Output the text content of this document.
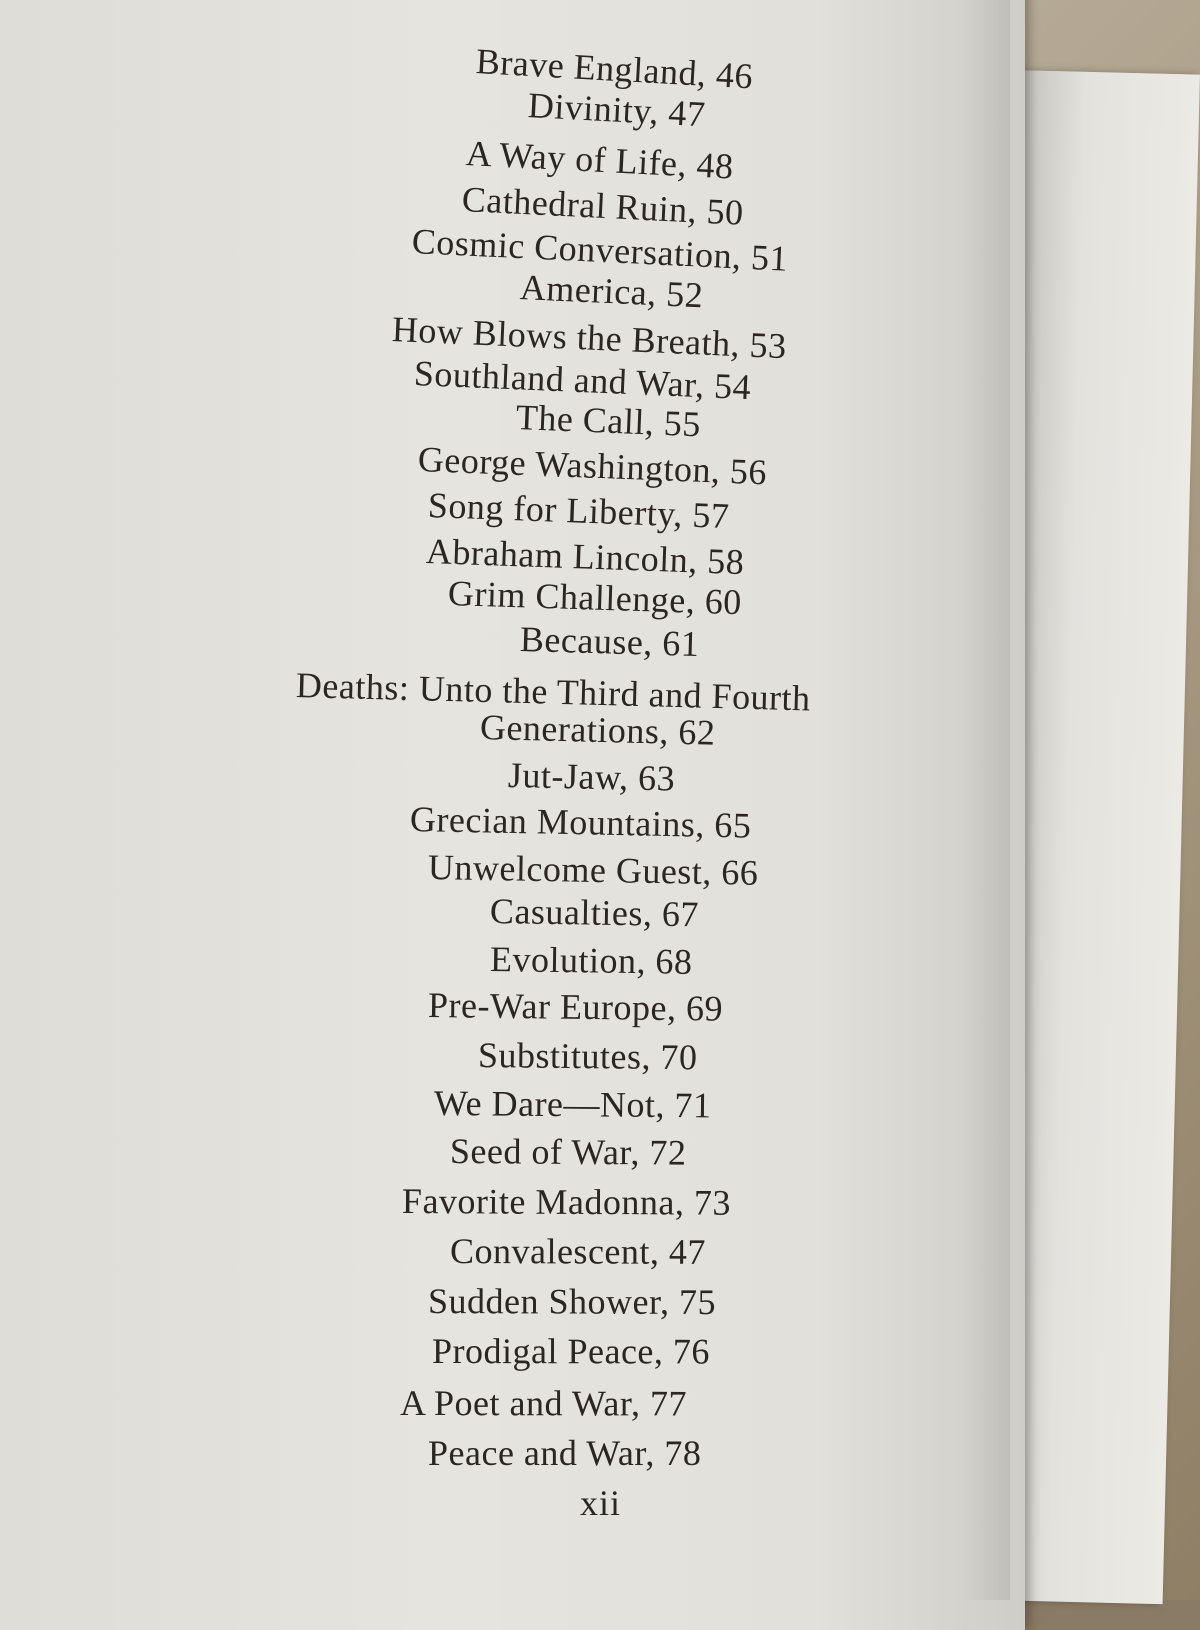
Brave England, 46
Divinity, 47
A Way of Life, 48
Cathedral Ruin, 50
Cosmic Conversation, 51
America, 52
How Blows the Breath, 53
Southland and War, 54
The Call, 55
George Washington, 56
Song for Liberty, 57
Abraham Lincoln, 58
Grim Challenge, 60
Because, 61
Deaths: Unto the Third and Fourth
Generations, 62
Jut-Jaw, 63
Grecian Mountains, 65
Unwelcome Guest, 66
Casualties, 67
Evolution, 68
Pre-War Europe, 69
Substitutes, 70
We Dare—Not, 71
Seed of War, 72
Favorite Madonna, 73
Convalescent, 47
Sudden Shower, 75
Prodigal Peace, 76
A Poet and War, 77
Peace and War, 78
xii
